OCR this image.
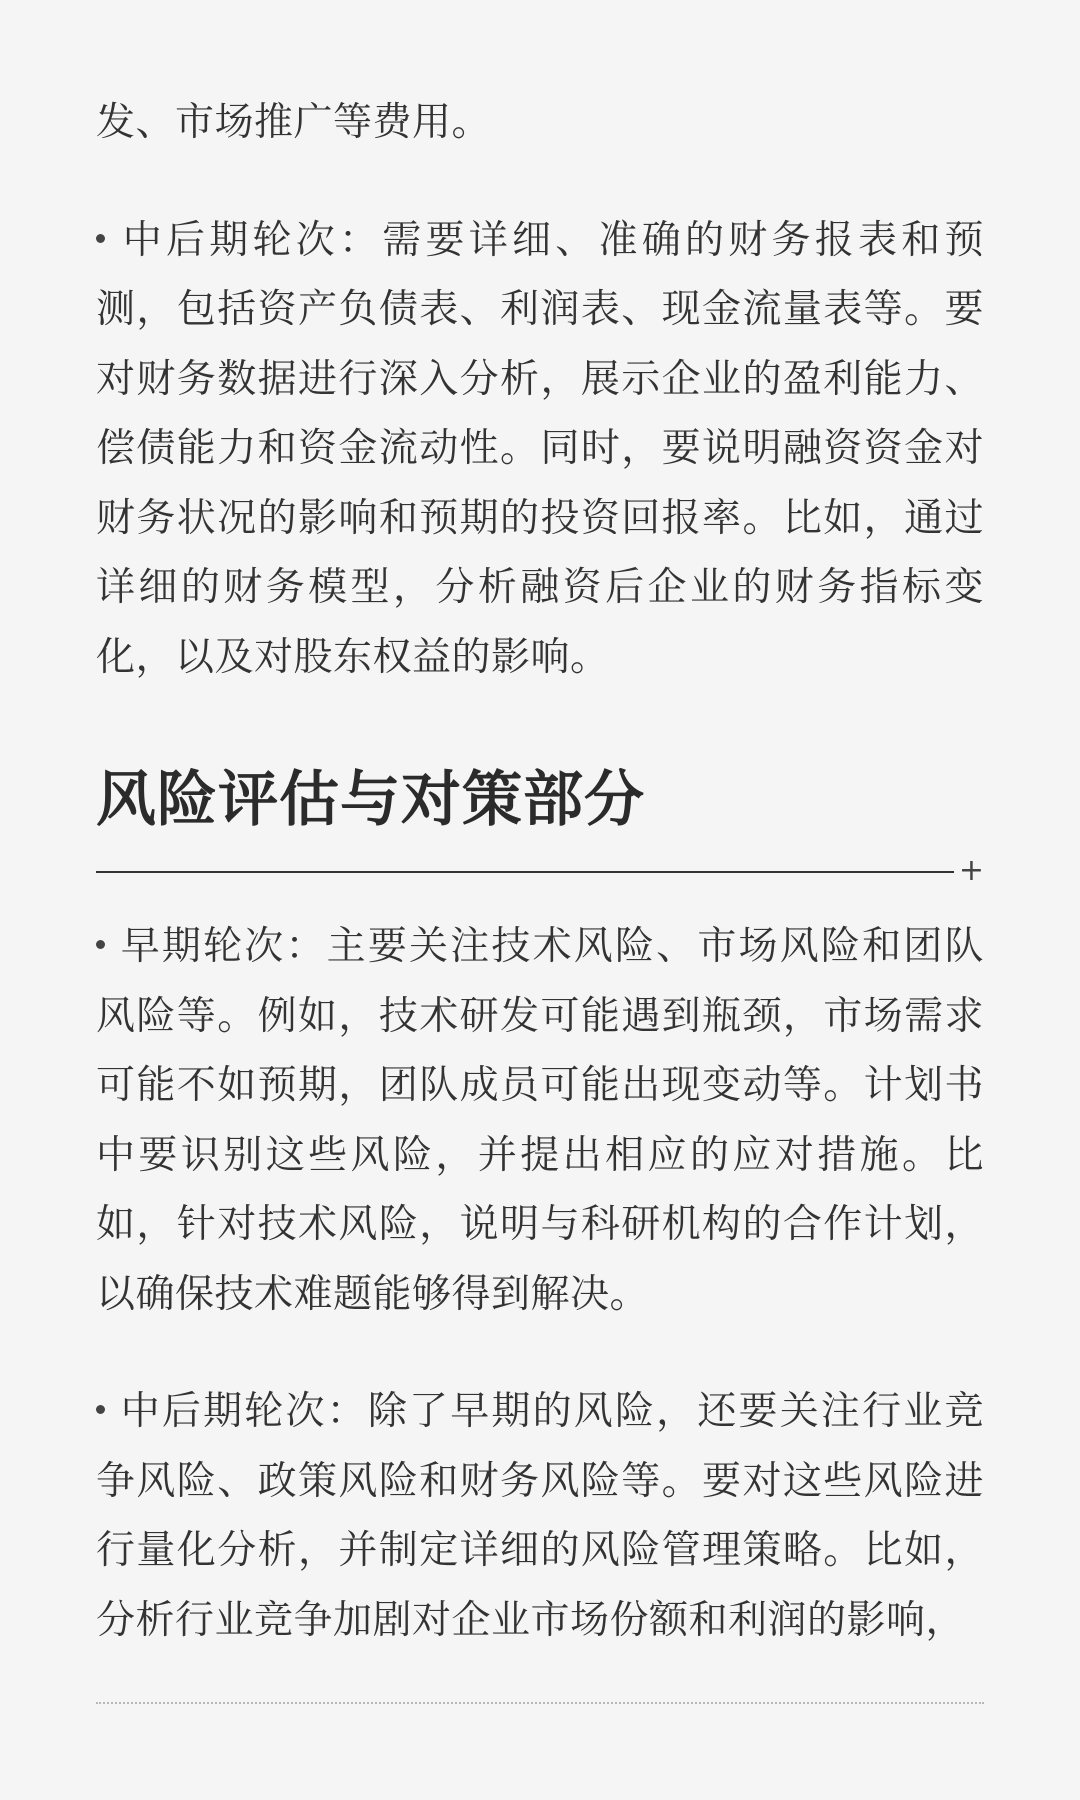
发、市场推广等费用。

中后期轮次：需要详细、准确的财务报表和预测，包括资产负债表、利润表、现金流量表等。要对财务数据进行深入分析，展示企业的盈利能力、偿债能力和资金流动性。同时，要说明融资资金对财务状况的影响和预期的投资回报率。比如，通过详细的财务模型，分析融资后企业的财务指标变化，以及对股东权益的影响。

风险评估与对策部分
+

早期轮次：主要关注技术风险、市场风险和团队风险等。例如，技术研发可能遇到瓶颈，市场需求可能不如预期，团队成员可能出现变动等。计划书中要识别这些风险，并提出相应的应对措施。比如，针对技术风险，说明与科研机构的合作计划，以确保技术难题能够得到解决。

中后期轮次：除了早期的风险，还要关注行业竞争风险、政策风险和财务风险等。要对这些风险进行量化分析，并制定详细的风险管理策略。比如，分析行业竞争加剧对企业市场份额和利润的影响，
